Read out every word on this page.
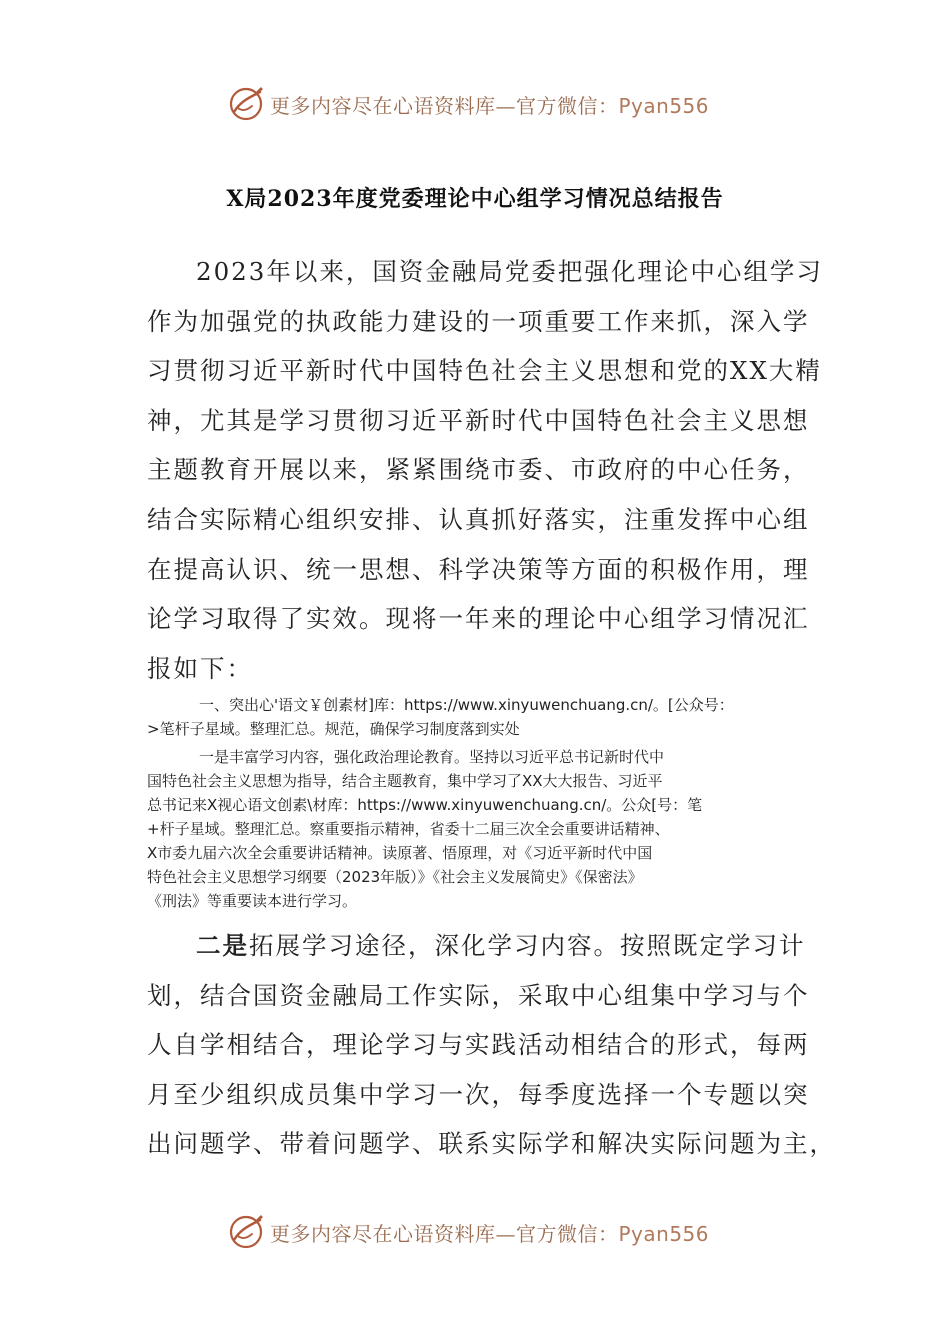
更多内容尽在心语资料库—官方微信：Pyan556
X局2023年度党委理论中心组学习情况总结报告
2023年以来，国资金融局党委把强化理论中心组学习
作为加强党的执政能力建设的一项重要工作来抓，深入学
习贯彻习近平新时代中国特色社会主义思想和党的XX大精
神，尤其是学习贯彻习近平新时代中国特色社会主义思想
主题教育开展以来，紧紧围绕市委、市政府的中心任务，
结合实际精心组织安排、认真抓好落实，注重发挥中心组
在提高认识、统一思想、科学决策等方面的积极作用，理
论学习取得了实效。现将一年来的理论中心组学习情况汇
报如下：
一、突出心'语文￥创素材]库：https://www.xinyuwenchuang.cn/。[公众号：
>笔杆子星域。整理汇总。规范，确保学习制度落到实处
一是丰富学习内容，强化政治理论教育。坚持以习近平总书记新时代中
国特色社会主义思想为指导，结合主题教育，集中学习了XX大大报告、习近平
总书记来X视心语文创素\材库：https://www.xinyuwenchuang.cn/。公众[号：笔
+杆子星域。整理汇总。察重要指示精神，省委十二届三次全会重要讲话精神、
X市委九届六次全会重要讲话精神。读原著、悟原理，对《习近平新时代中国
特色社会主义思想学习纲要（2023年版）》《社会主义发展简史》《保密法》
《刑法》等重要读本进行学习。
二是拓展学习途径，深化学习内容。按照既定学习计
划，结合国资金融局工作实际，采取中心组集中学习与个
人自学相结合，理论学习与实践活动相结合的形式，每两
月至少组织成员集中学习一次，每季度选择一个专题以突
出问题学、带着问题学、联系实际学和解决实际问题为主，
更多内容尽在心语资料库—官方微信：Pyan556
